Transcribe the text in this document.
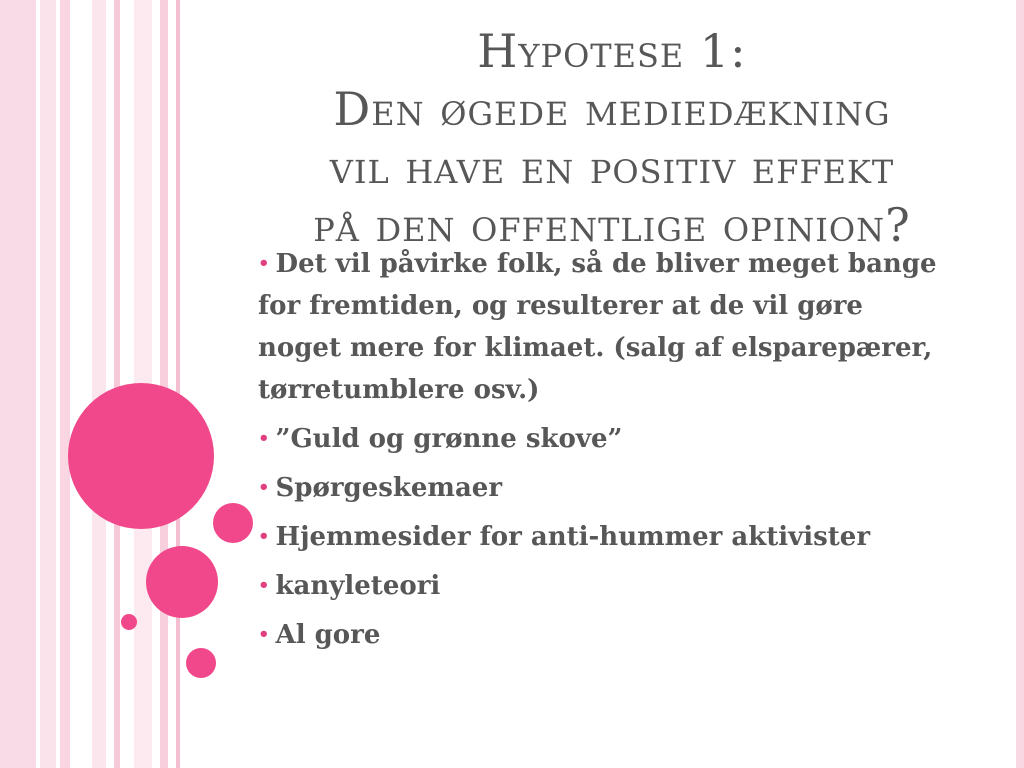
Hypotese 1:
Den øgede mediedækning
vil have en positiv effekt
på den offentlige opinion?
• Det vil påvirke folk, så de bliver meget bange for fremtiden, og resulterer at de vil gøre noget mere for klimaet. (salg af elsparepærer, tørretumblere osv.)
• ”Guld og grønne skove”
• Spørgeskemaer
• Hjemmesider for anti-hummer aktivister
• kanyleteori
• Al gore
